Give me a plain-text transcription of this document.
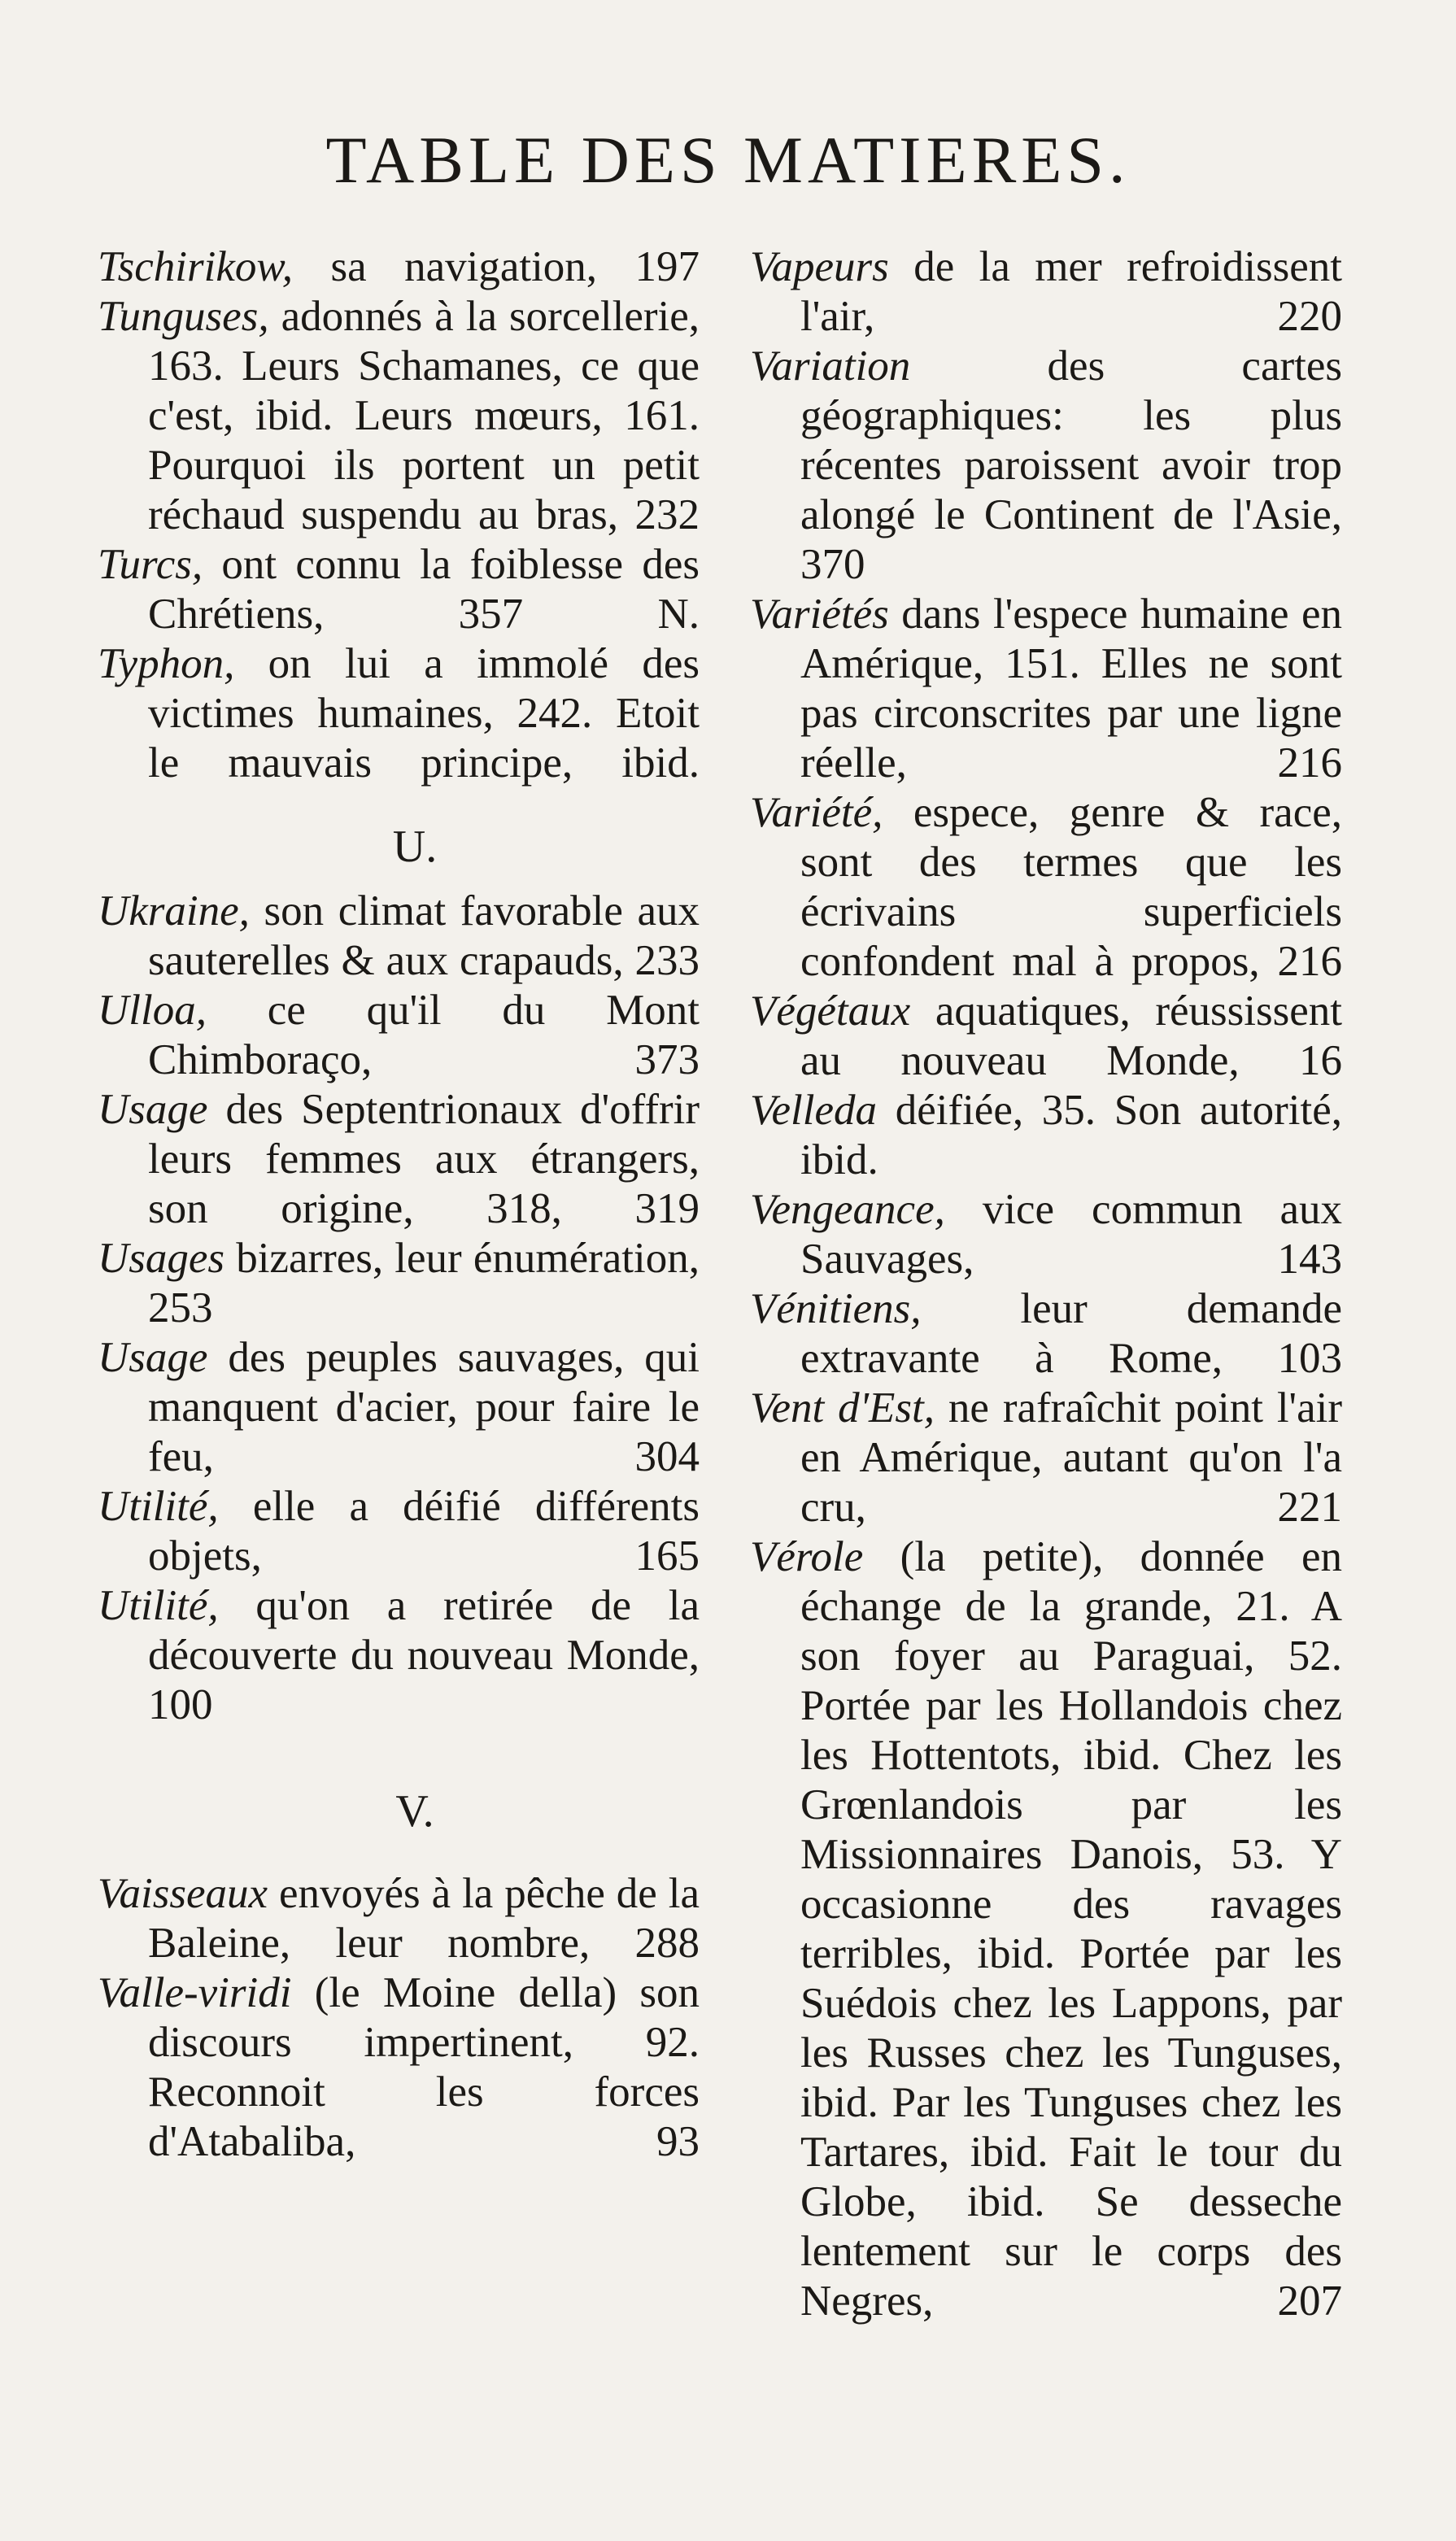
TABLE DES MATIERES.

Tschirikow, sa navigation, 197

Tunguses, adonnés à la sorcellerie, 163. Leurs Schamanes, ce que c'est, ibid. Leurs mœurs, 161. Pourquoi ils portent un petit réchaud suspendu au bras, 232

Turcs, ont connu la foiblesse des Chrétiens, 357 N.

Typhon, on lui a immolé des victimes humaines, 242. Etoit le mauvais principe, ibid.

U.

Ukraine, son climat favorable aux sauterelles & aux crapauds, 233

Ulloa, ce qu'il du Mont Chimboraço, 373

Usage des Septentrionaux d'offrir leurs femmes aux étrangers, son origine, 318, 319

Usages bizarres, leur énumération, 253

Usage des peuples sauvages, qui manquent d'acier, pour faire le feu, 304

Utilité, elle a déifié différents objets, 165

Utilité, qu'on a retirée de la découverte du nouveau Monde, 100

V.

Vaisseaux envoyés à la pêche de la Baleine, leur nombre, 288

Valle-viridi (le Moine della) son discours impertinent, 92. Reconnoit les forces d'Atabaliba, 93

Vapeurs de la mer refroidissent l'air, 220

Variation	des cartes géographiques: les plus récentes paroissent avoir trop alongé le Continent de l'Asie, 370

Variétés dans l'espece humaine en Amérique, 151. Elles ne sont pas circonscrites par une ligne réelle, 216

Variété, espece, genre & race, sont des termes que les écrivains superficiels confondent mal à propos, 216

Végétaux aquatiques, réussissent au nouveau Monde, 16

Velleda déifiée, 35. Son autorité, ibid.

Vengeance, vice commun aux Sauvages, 143

Vénitiens, leur demande extravante à Rome, 103

Vent d'Est, ne rafraîchit point l'air en Amérique, autant qu'on l'a cru, 221

Vérole (la petite), donnée en échange de la grande, 21. A son foyer au Paraguai, 52. Portée par les Hollandois chez les Hottentots, ibid. Chez les Grœnlandois par les Missionnaires Danois, 53. Y occasionne des ravages terribles, ibid. Portée par les Suédois chez les Lappons, par les Russes chez les Tunguses, ibid. Par les Tunguses chez les Tartares, ibid. Fait le tour du Globe, ibid. Se desseche lentement sur le corps des Negres, 207
